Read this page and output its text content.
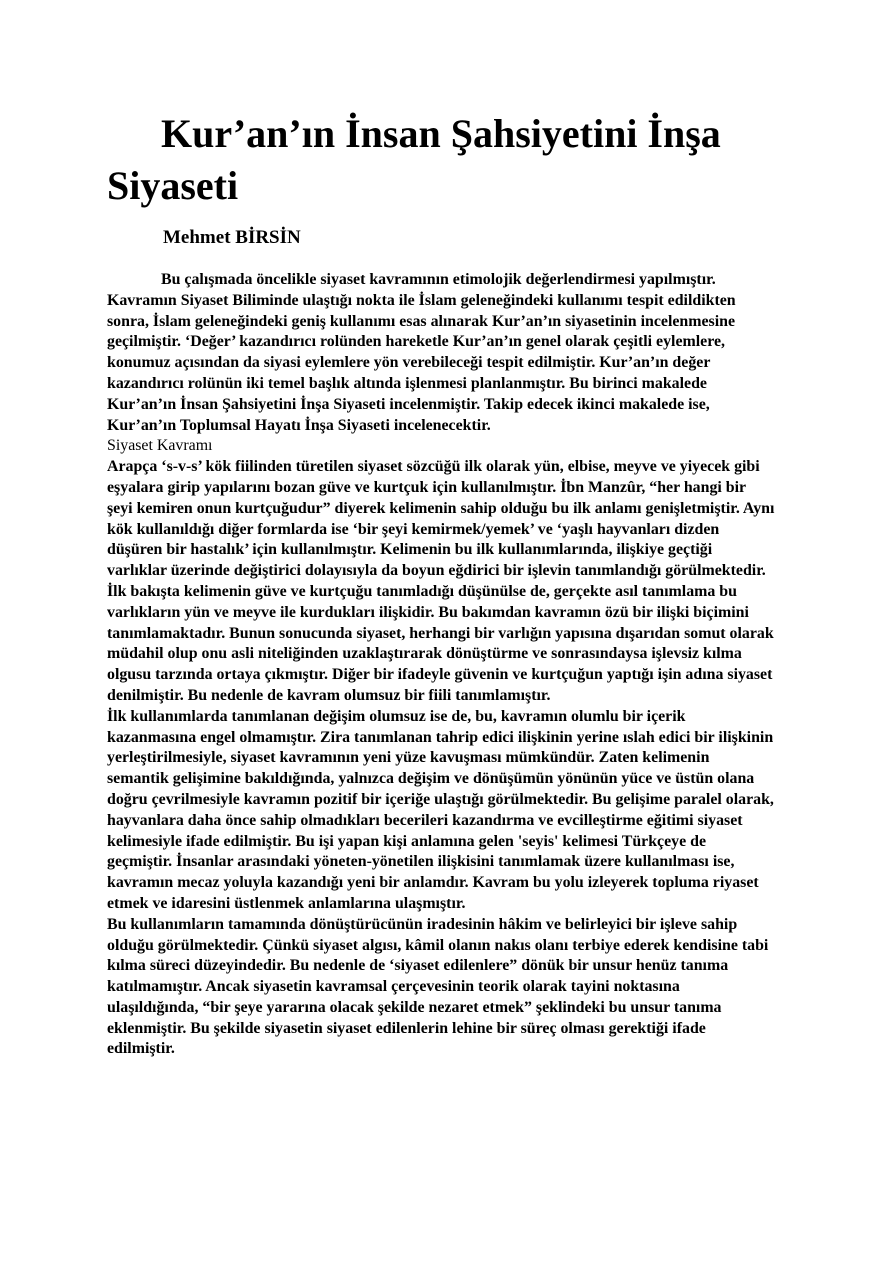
Kur’an’ın İnsan Şahsiyetini İnşa Siyaseti

Mehmet BİRSİN

Bu çalışmada öncelikle siyaset kavramının etimolojik değerlendirmesi yapılmıştır. Kavramın Siyaset Biliminde ulaştığı nokta ile İslam geleneğindeki kullanımı tespit edildikten sonra, İslam geleneğindeki geniş kullanımı esas alınarak Kur’an’ın siyasetinin incelenmesine geçilmiştir. ‘Değer’ kazandırıcı rolünden hareketle Kur’an’ın genel olarak çeşitli eylemlere, konumuz açısından da siyasi eylemlere yön verebileceği tespit edilmiştir. Kur’an’ın değer kazandırıcı rolünün iki temel başlık altında işlenmesi planlanmıştır. Bu birinci makalede Kur’an’ın İnsan Şahsiyetini İnşa Siyaseti incelenmiştir. Takip edecek ikinci makalede ise, Kur’an’ın Toplumsal Hayatı İnşa Siyaseti incelenecektir.

Siyaset Kavramı

Arapça ‘s-v-s’ kök fiilinden türetilen siyaset sözcüğü ilk olarak yün, elbise, meyve ve yiyecek gibi eşyalara girip yapılarını bozan güve ve kurtçuk için kullanılmıştır. İbn Manzûr, “her hangi bir şeyi kemiren onun kurtçuğudur” diyerek kelimenin sahip olduğu bu ilk anlamı genişletmiştir. Aynı kök kullanıldığı diğer formlarda ise ‘bir şeyi kemirmek/yemek’ ve ‘yaşlı hayvanları dizden düşüren bir hastalık’ için kullanılmıştır. Kelimenin bu ilk kullanımlarında, ilişkiye geçtiği varlıklar üzerinde değiştirici dolayısıyla da boyun eğdirici bir işlevin tanımlandığı görülmektedir. İlk bakışta kelimenin güve ve kurtçuğu tanımladığı düşünülse de, gerçekte asıl tanımlama bu varlıkların yün ve meyve ile kurdukları ilişkidir. Bu bakımdan kavramın özü bir ilişki biçimini tanımlamaktadır. Bunun sonucunda siyaset, herhangi bir varlığın yapısına dışarıdan somut olarak müdahil olup onu asli niteliğinden uzaklaştırarak dönüştürme ve sonrasındaysa işlevsiz kılma olgusu tarzında ortaya çıkmıştır. Diğer bir ifadeyle güvenin ve kurtçuğun yaptığı işin adına siyaset denilmiştir. Bu nedenle de kavram olumsuz bir fiili tanımlamıştır.

İlk kullanımlarda tanımlanan değişim olumsuz ise de, bu, kavramın olumlu bir içerik kazanmasına engel olmamıştır. Zira tanımlanan tahrip edici ilişkinin yerine ıslah edici bir ilişkinin yerleştirilmesiyle, siyaset kavramının yeni yüze kavuşması mümkündür. Zaten kelimenin semantik gelişimine bakıldığında, yalnızca değişim ve dönüşümün yönünün yüce ve üstün olana doğru çevrilmesiyle kavramın pozitif bir içeriğe ulaştığı görülmektedir. Bu gelişime paralel olarak, hayvanlara daha önce sahip olmadıkları becerileri kazandırma ve evcilleştirme eğitimi siyaset kelimesiyle ifade edilmiştir. Bu işi yapan kişi anlamına gelen 'seyis' kelimesi Türkçeye de geçmiştir. İnsanlar arasındaki yöneten-yönetilen ilişkisini tanımlamak üzere kullanılması ise, kavramın mecaz yoluyla kazandığı yeni bir anlamdır. Kavram bu yolu izleyerek topluma riyaset etmek ve idaresini üstlenmek anlamlarına ulaşmıştır.

Bu kullanımların tamamında dönüştürücünün iradesinin hâkim ve belirleyici bir işleve sahip olduğu görülmektedir. Çünkü siyaset algısı, kâmil olanın nakıs olanı terbiye ederek kendisine tabi kılma süreci düzeyindedir. Bu nedenle de ‘siyaset edilenlere” dönük bir unsur henüz tanıma katılmamıştır. Ancak siyasetin kavramsal çerçevesinin teorik olarak tayini noktasına ulaşıldığında, “bir şeye yararına olacak şekilde nezaret etmek” şeklindeki bu unsur tanıma eklenmiştir. Bu şekilde siyasetin siyaset edilenlerin lehine bir süreç olması gerektiği ifade edilmiştir.
